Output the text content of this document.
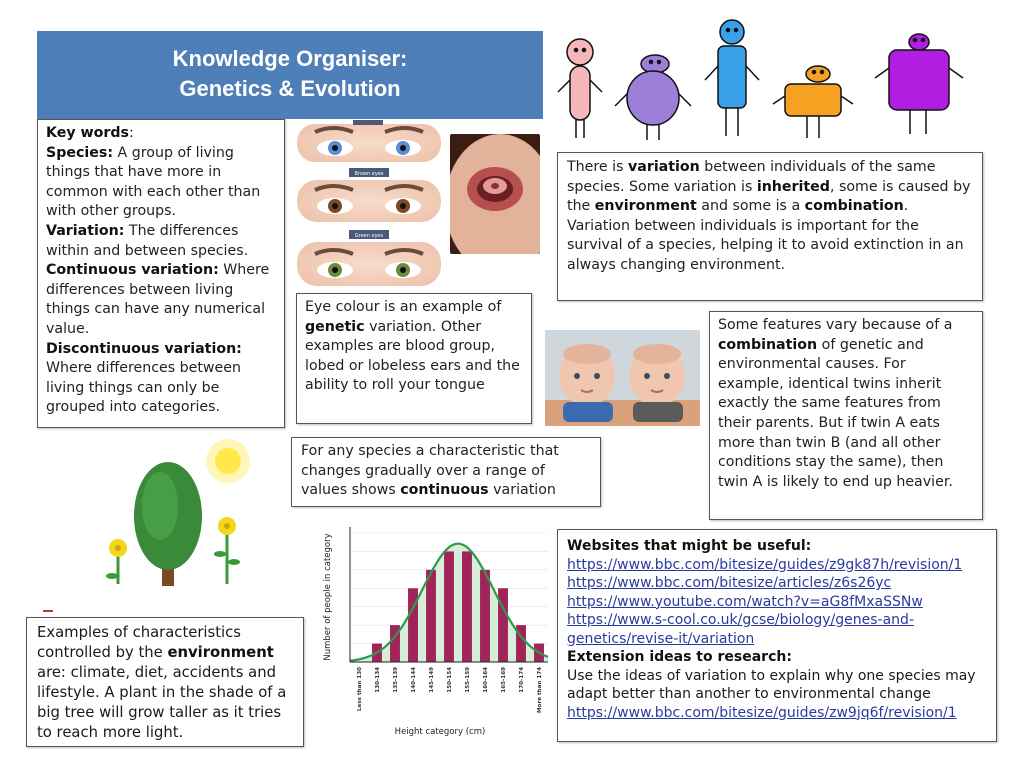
Knowledge Organiser:
Genetics & Evolution
Key words:
Species: A group of living things that have more in common with each other than with other groups.
Variation: The differences within and between species.
Continuous variation: Where differences between living things can have any numerical value.
Discontinuous variation:
Where differences between living things can only be grouped into categories.
Brown eyes
Green eyes
Eye colour is an example of genetic variation. Other examples are blood group, lobed or lobeless ears and the ability to roll your tongue
There is variation between individuals of the same species. Some variation is inherited, some is caused by the environment and some is a combination.
Variation between individuals is important for the survival of a species, helping it to avoid extinction in an always changing environment.
Some features vary because of a combination of genetic and environmental causes. For example, identical twins inherit exactly the same features from their parents. But if twin A eats more than twin B (and all other conditions stay the same), then twin A is likely to end up heavier.
For any species a characteristic that changes gradually over a range of values shows continuous variation
Examples of characteristics controlled by the environment are: climate, diet, accidents and lifestyle. A plant in the shade of a big tree will grow taller as it tries to reach more light.
Less than 130 130-134 135-139 140-144 145-149 150-154 155-159 160-164 165-169 170-174 More than 174
Number of people in category
Height category (cm)
Websites that might be useful:
https://www.bbc.com/bitesize/guides/z9gk87h/revision/1
https://www.bbc.com/bitesize/articles/z6s26yc
https://www.youtube.com/watch?v=aG8fMxaSSNw
https://www.s-cool.co.uk/gcse/biology/genes-and-
genetics/revise-it/variation
Extension ideas to research:
Use the ideas of variation to explain why one species may adapt better than another to environmental change
https://www.bbc.com/bitesize/guides/zw9jq6f/revision/1
